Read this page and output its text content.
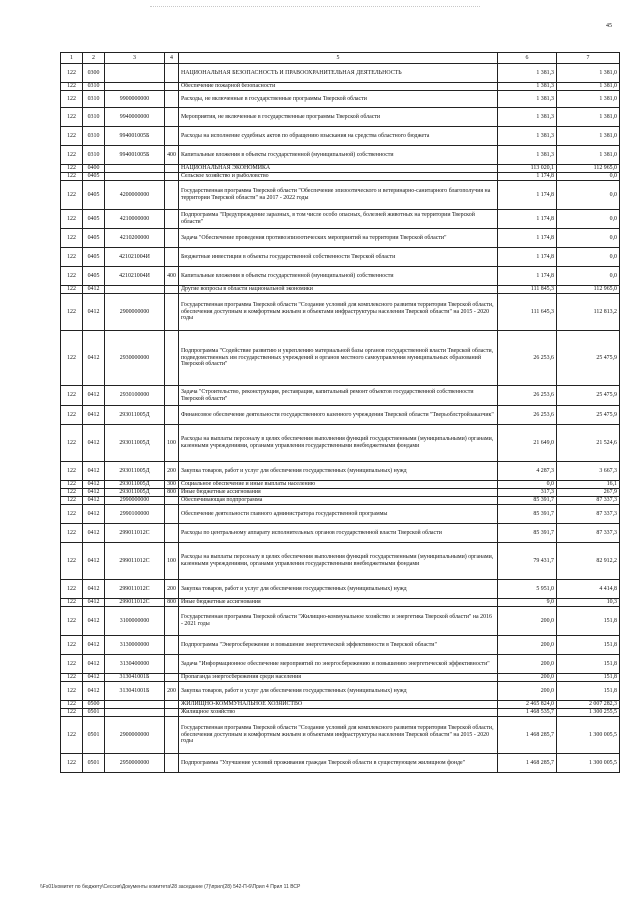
45
1	2	3	4	5	6	7
122	0300			НАЦИОНАЛЬНАЯ БЕЗОПАСНОСТЬ И ПРАВООХРАНИТЕЛЬНАЯ ДЕЯТЕЛЬНОСТЬ	1 381,3	1 381,0
122	0310			Обеспечение пожарной безопасности	1 381,3	1 381,0
122	0310	9900000000		Расходы, не включенные в государственные программы Тверской области	1 381,3	1 381,0
122	0310	9940000000		Мероприятия, не включенные в государственные программы Тверской области	1 381,3	1 381,0
122	0310	994001005Б		Расходы на исполнение судебных актов по обращению взыскания на средства областного бюджета	1 381,3	1 381,0
122	0310	994001005Б	400	Капитальные вложения в объекты государственной (муниципальной) собственности	1 381,3	1 381,0
122	0400			НАЦИОНАЛЬНАЯ ЭКОНОМИКА	113 020,1	112 965,0
122	0405			Сельское хозяйство и рыболовство	1 174,8	0,0
122	0405	4200000000		Государственная программа Тверской области "Обеспечение эпизоотического и ветеринарно-санитарного благополучия на территории Тверской области" на 2017 - 2022 годы	1 174,8	0,0
122	0405	4210000000		Подпрограмма "Предупреждение заразных, в том числе особо опасных, болезней животных на территории Тверской области"	1 174,8	0,0
122	0405	4210200000		Задача "Обеспечение проведения противоэпизоотических мероприятий на территории Тверской области"	1 174,8	0,0
122	0405	421021004И		Бюджетные инвестиции в объекты государственной собственности Тверской области	1 174,8	0,0
122	0405	421021004И	400	Капитальные вложения в объекты государственной (муниципальной) собственности	1 174,8	0,0
122	0412			Другие вопросы в области национальной экономики	111 845,3	112 965,0
122	0412	2900000000		Государственная программа Тверской области "Создание условий для комплексного развития территории Тверской области, обеспечения доступным и комфортным жильем и объектами инфраструктуры населения Тверской области" на 2015 - 2020 годы	111 645,3	112 813,2
122	0412	2930000000		Подпрограмма "Содействие развитию и укреплению материальной базы органов государственной власти Тверской области, подведомственных им государственных учреждений и органов местного самоуправления муниципальных образований Тверской области"	26 253,6	25 475,9
122	0412	2930100000		Задача "Строительство, реконструкция, реставрация, капитальный ремонт объектов государственной собственности Тверской области"	26 253,6	25 475,9
122	0412	293011005Д		Финансовое обеспечение деятельности государственного казенного учреждения Тверской области "Тверьоблстройзаказчик"	26 253,6	25 475,9
122	0412	293011005Д	100	Расходы на выплаты персоналу в целях обеспечения выполнения функций государственными (муниципальными) органами, казенными учреждениями, органами управления государственными внебюджетными фондами	21 649,0	21 524,6
122	0412	293011005Д	200	Закупка товаров, работ и услуг для обеспечения государственных (муниципальных) нужд	4 287,3	3 667,3
122	0412	293011005Д	300	Социальное обеспечение и иные выплаты населению	0,0	16,1
122	0412	293011005Д	800	Иные бюджетные ассигнования	317,3	267,9
122	0412	2990000000		Обеспечивающая подпрограмма	85 391,7	87 337,3
122	0412	2990100000		Обеспечение деятельности главного администратора государственной программы	85 391,7	87 337,3
122	0412	299011012С		Расходы по центральному аппарату исполнительных органов государственной власти Тверской области	85 391,7	87 337,3
122	0412	299011012С	100	Расходы на выплаты персоналу в целях обеспечения выполнения функций государственными (муниципальными) органами, казенными учреждениями, органами управления государственными внебюджетными фондами	79 431,7	82 912,2
122	0412	299011012С	200	Закупка товаров, работ и услуг для обеспечения государственных (муниципальных) нужд	5 951,0	4 414,8
122	0412	299011012С	800	Иные бюджетные ассигнования	9,0	10,3
122	0412	3100000000		Государственная программа Тверской области "Жилищно-коммунальное хозяйство и энергетика Тверской области" на 2016 - 2021 годы	200,0	151,8
122	0412	3130000000		Подпрограмма "Энергосбережение и повышение энергетической эффективности в Тверской области"	200,0	151,8
122	0412	3130400000		Задача "Информационное обеспечение мероприятий по энергосбережению и повышению энергетической эффективности"	200,0	151,8
122	0412	313041001Б		Пропаганда энергосбережения среди населения	200,0	151,8
122	0412	313041001Б	200	Закупка товаров, работ и услуг для обеспечения государственных (муниципальных) нужд	200,0	151,8
122	0500			ЖИЛИЩНО-КОММУНАЛЬНОЕ ХОЗЯЙСТВО	2 465 824,0	2 007 282,3
122	0501			Жилищное хозяйство	1 468 535,7	1 300 255,5
122	0501	2900000000		Государственная программа Тверской области "Создание условий для комплексного развития территории Тверской области, обеспечения доступным и комфортным жильем и объектами инфраструктуры населения Тверской области" на 2015 - 2020 годы	1 468 285,7	1 300 005,5
122	0501	2950000000		Подпрограмма "Улучшение условий проживания граждан Тверской области в существующем жилищном фонде"	1 468 285,7	1 300 005,5
\\Fs01\комитет по бюджету\Сессия\Документы комитета\28 заседание (7)\прил(28) 542-П-6\Прил 4 Прил 11 ВСР
